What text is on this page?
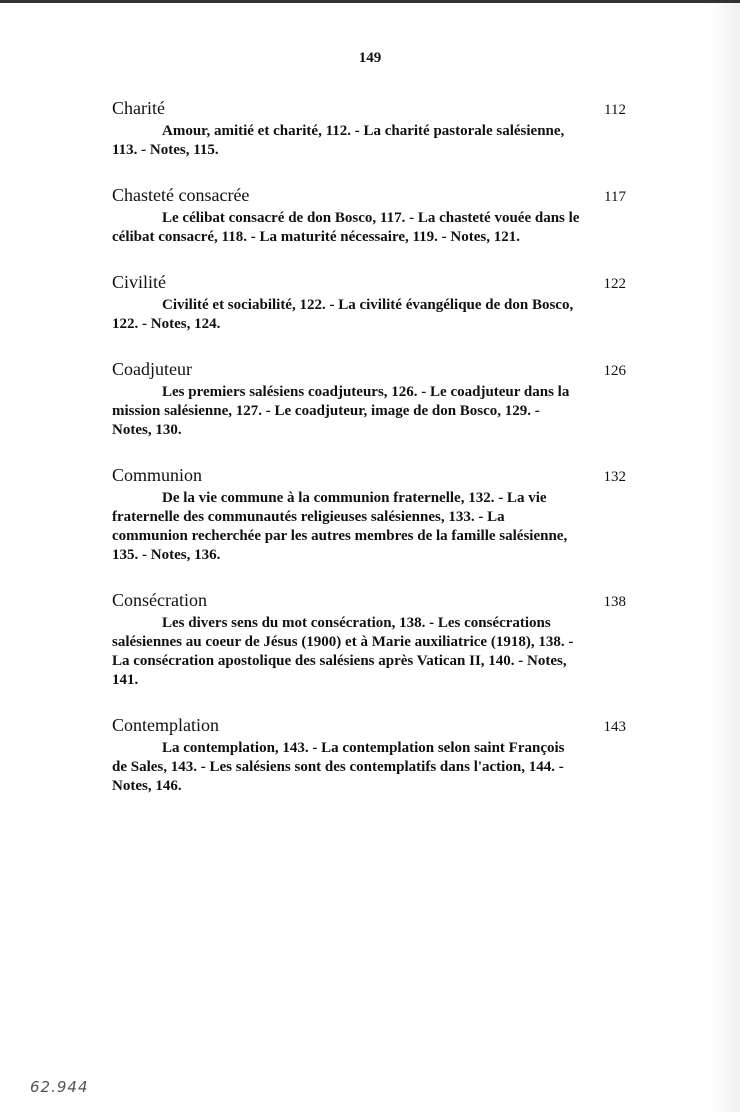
149
Charité	112
Amour, amitié et charité, 112. - La charité pastorale salésienne, 113. - Notes, 115.
Chasteté consacrée	117
Le célibat consacré de don Bosco, 117. - La chasteté vouée dans le célibat consacré, 118. - La maturité nécessaire, 119. - Notes, 121.
Civilité	122
Civilité et sociabilité, 122. - La civilité évangélique de don Bosco, 122. - Notes, 124.
Coadjuteur	126
Les premiers salésiens coadjuteurs, 126. - Le coadjuteur dans la mission salésienne, 127. - Le coadjuteur, image de don Bosco, 129. - Notes, 130.
Communion	132
De la vie commune à la communion fraternelle, 132. - La vie fraternelle des communautés religieuses salésiennes, 133. - La communion recherchée par les autres membres de la famille salésienne, 135. - Notes, 136.
Consécration	138
Les divers sens du mot consécration, 138. - Les consécrations salésiennes au coeur de Jésus (1900) et à Marie auxiliatrice (1918), 138. - La consécration apostolique des salésiens après Vatican II, 140. - Notes, 141.
Contemplation	143
La contemplation, 143. - La contemplation selon saint François de Sales, 143. - Les salésiens sont des contemplatifs dans l'action, 144. - Notes, 146.
62.944
